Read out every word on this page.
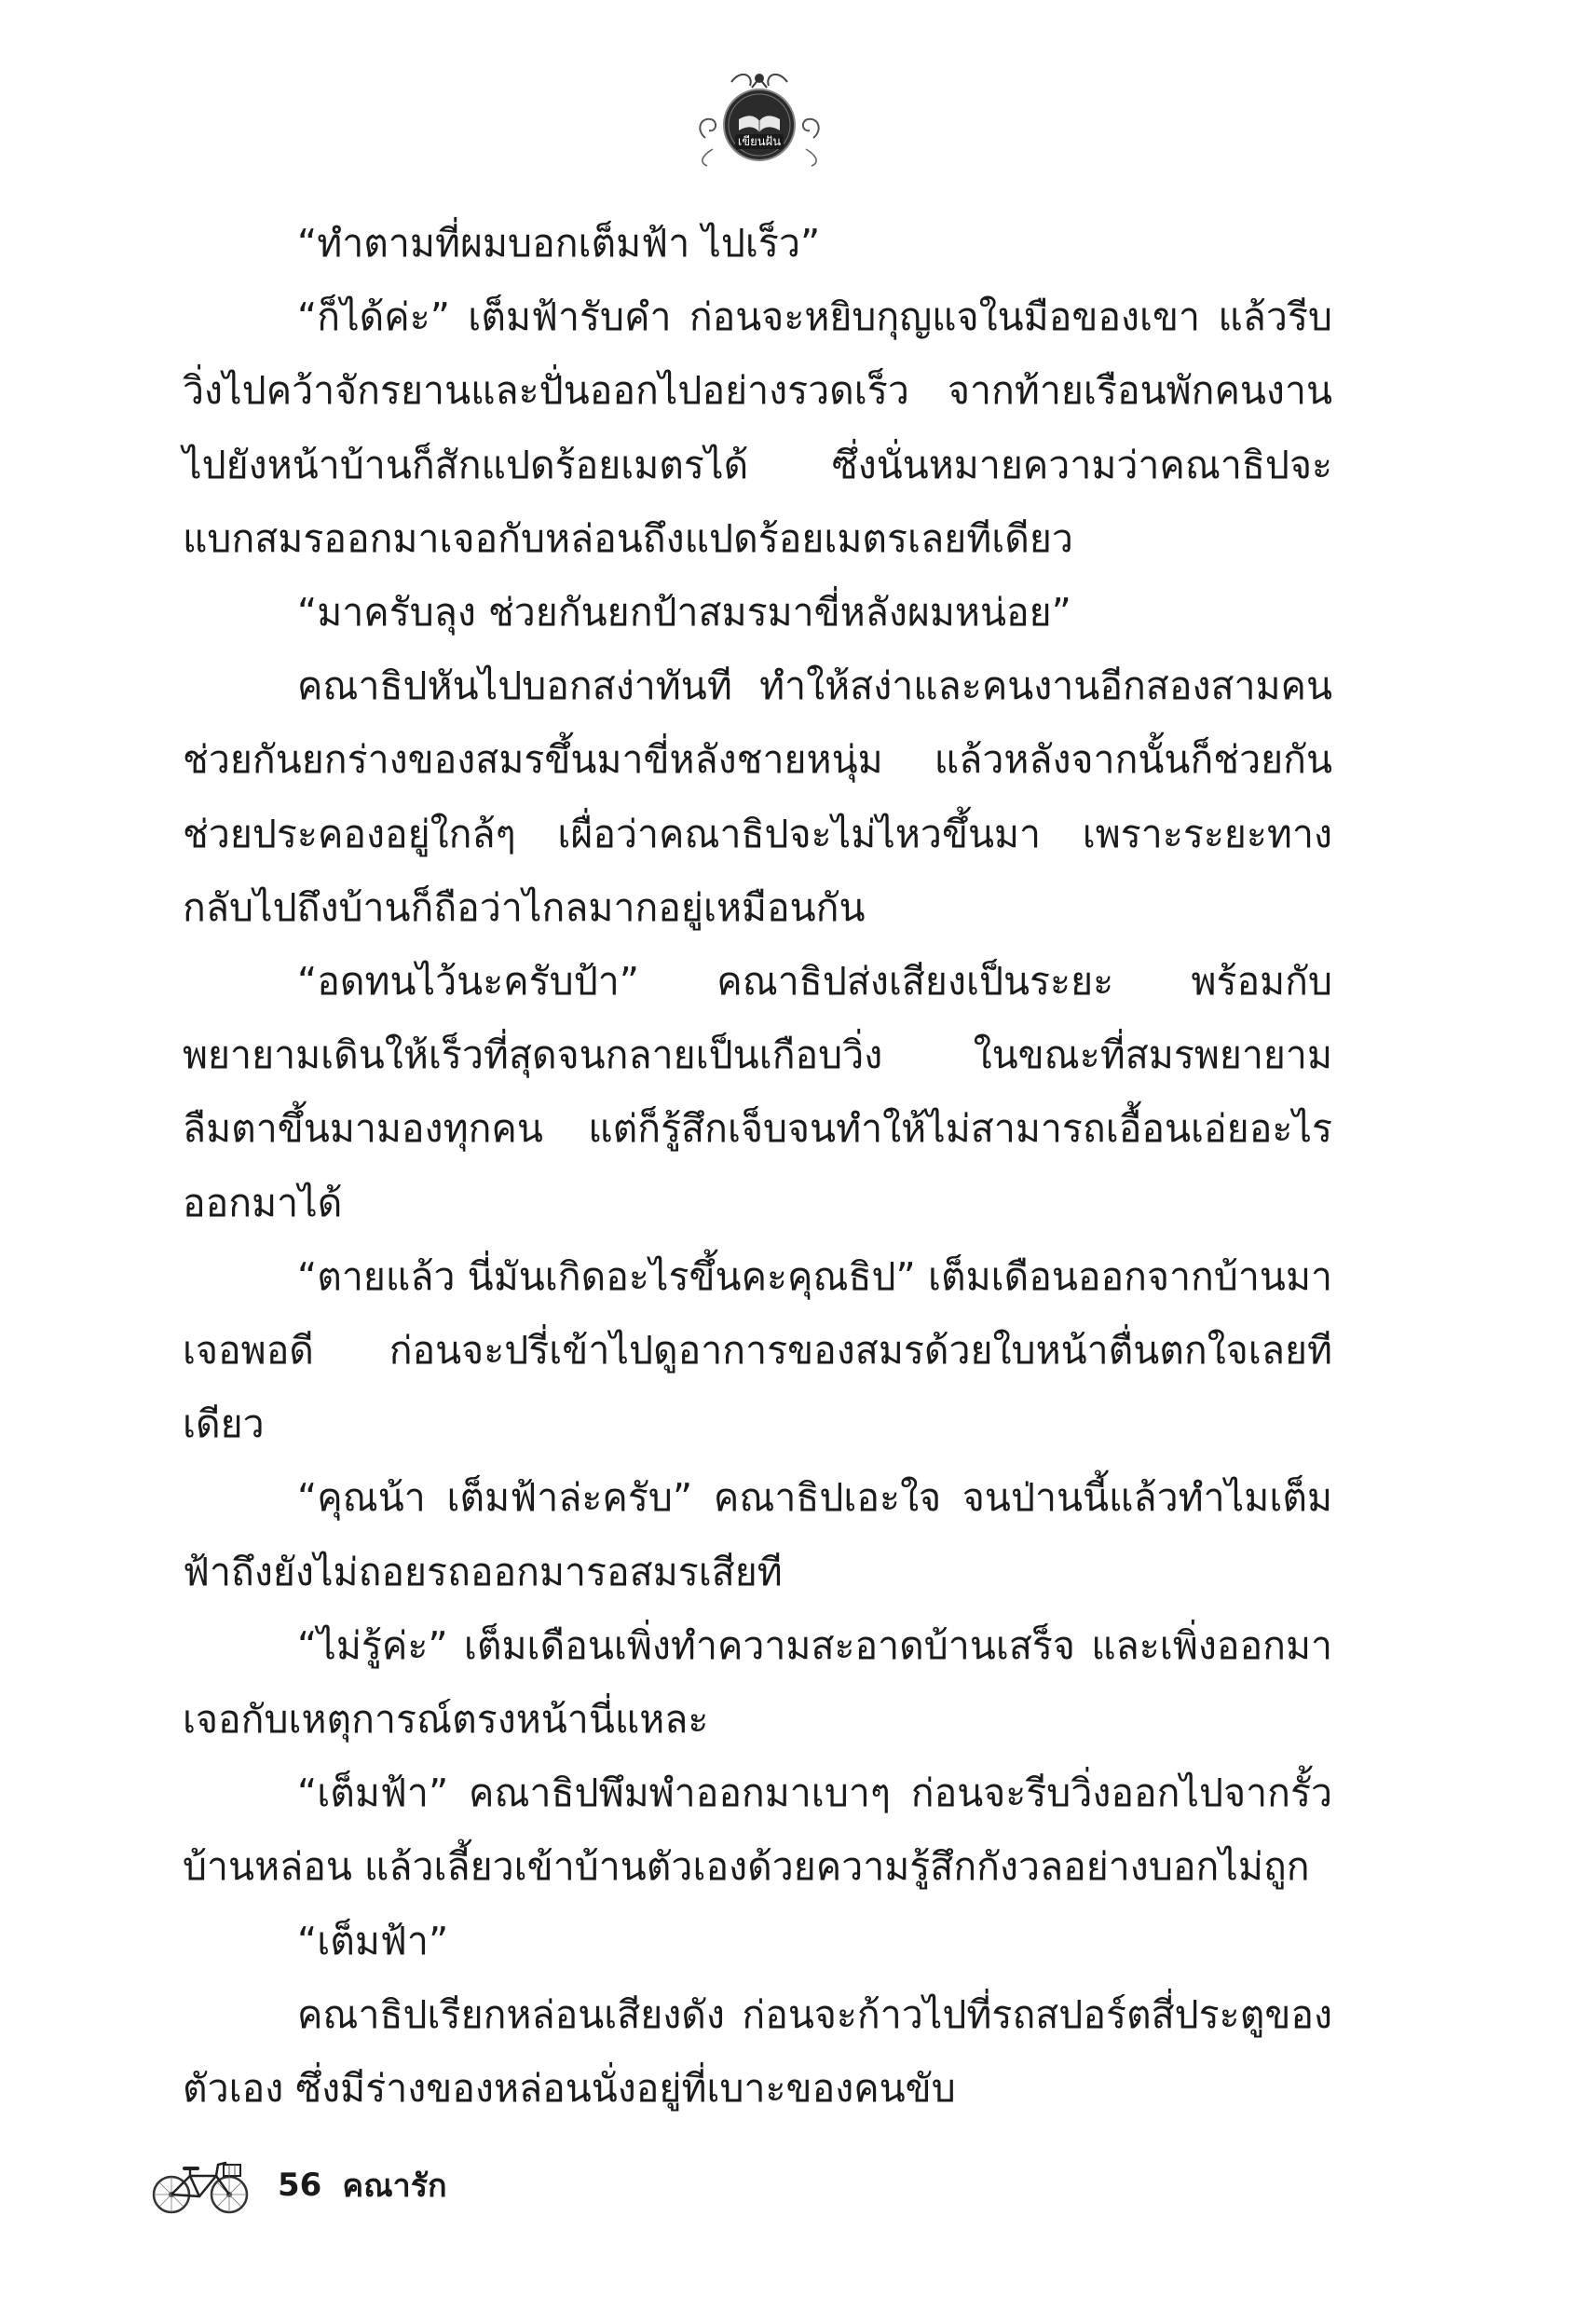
เขียนฝัน

“ทำตามที่ผมบอกเต็มฟ้า ไปเร็ว”

“ก็ได้ค่ะ” เต็มฟ้ารับคำ ก่อนจะหยิบกุญแจในมือของเขา แล้วรีบวิ่งไปคว้าจักรยานและปั่นออกไปอย่างรวดเร็ว จากท้ายเรือนพักคนงานไปยังหน้าบ้านก็สักแปดร้อยเมตรได้ ซึ่งนั่นหมายความว่าคณาธิปจะแบกสมรออกมาเจอกับหล่อนถึงแปดร้อยเมตรเลยทีเดียว

“มาครับลุง ช่วยกันยกป้าสมรมาขี่หลังผมหน่อย”

คณาธิปหันไปบอกสง่าทันที ทำให้สง่าและคนงานอีกสองสามคนช่วยกันยกร่างของสมรขึ้นมาขี่หลังชายหนุ่ม แล้วหลังจากนั้นก็ช่วยกันช่วยประคองอยู่ใกล้ๆ เผื่อว่าคณาธิปจะไม่ไหวขึ้นมา เพราะระยะทางกลับไปถึงบ้านก็ถือว่าไกลมากอยู่เหมือนกัน

“อดทนไว้นะครับป้า” คณาธิปส่งเสียงเป็นระยะ พร้อมกับพยายามเดินให้เร็วที่สุดจนกลายเป็นเกือบวิ่ง ในขณะที่สมรพยายามลืมตาขึ้นมามองทุกคน แต่ก็รู้สึกเจ็บจนทำให้ไม่สามารถเอื้อนเอ่ยอะไรออกมาได้

“ตายแล้ว นี่มันเกิดอะไรขึ้นคะคุณธิป” เต็มเดือนออกจากบ้านมาเจอพอดี ก่อนจะปรี่เข้าไปดูอาการของสมรด้วยใบหน้าตื่นตกใจเลยทีเดียว

“คุณน้า เต็มฟ้าล่ะครับ” คณาธิปเอะใจ จนป่านนี้แล้วทำไมเต็มฟ้าถึงยังไม่ถอยรถออกมารอสมรเสียที

“ไม่รู้ค่ะ” เต็มเดือนเพิ่งทำความสะอาดบ้านเสร็จ และเพิ่งออกมาเจอกับเหตุการณ์ตรงหน้านี่แหละ

“เต็มฟ้า” คณาธิปพึมพำออกมาเบาๆ ก่อนจะรีบวิ่งออกไปจากรั้วบ้านหล่อน แล้วเลี้ยวเข้าบ้านตัวเองด้วยความรู้สึกกังวลอย่างบอกไม่ถูก

“เต็มฟ้า”

คณาธิปเรียกหล่อนเสียงดัง ก่อนจะก้าวไปที่รถสปอร์ตสี่ประตูของตัวเอง ซึ่งมีร่างของหล่อนนั่งอยู่ที่เบาะของคนขับ

56 คณารัก
